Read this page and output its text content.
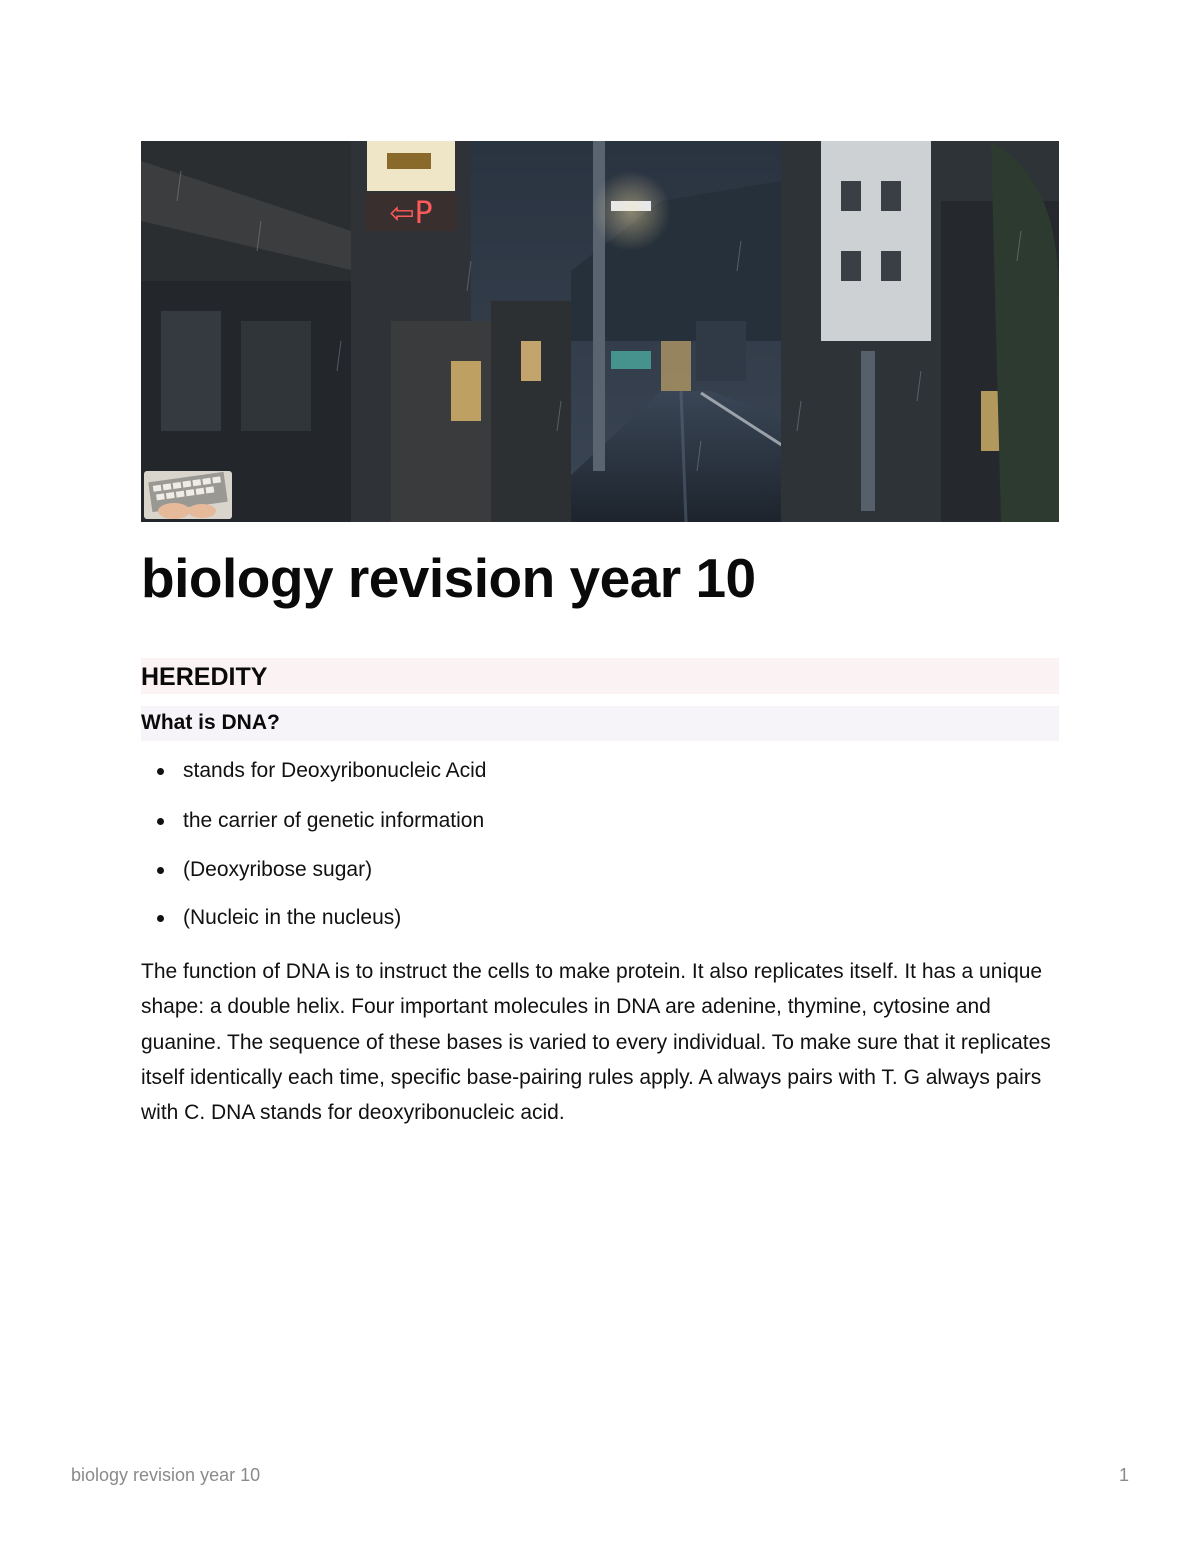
⇦P
biology revision year 10
HEREDITY
What is DNA?
stands for Deoxyribonucleic Acid
the carrier of genetic information
(Deoxyribose sugar)
(Nucleic in the nucleus)

The function of DNA is to instruct the cells to make protein. It also replicates itself. It has a unique shape: a double helix. Four important molecules in DNA are adenine, thymine, cytosine and guanine. The sequence of these bases is varied to every individual. To make sure that it replicates itself identically each time, specific base-pairing rules apply. A always pairs with T. G always pairs with C. DNA stands for deoxyribonucleic acid.

biology revision year 10	1
